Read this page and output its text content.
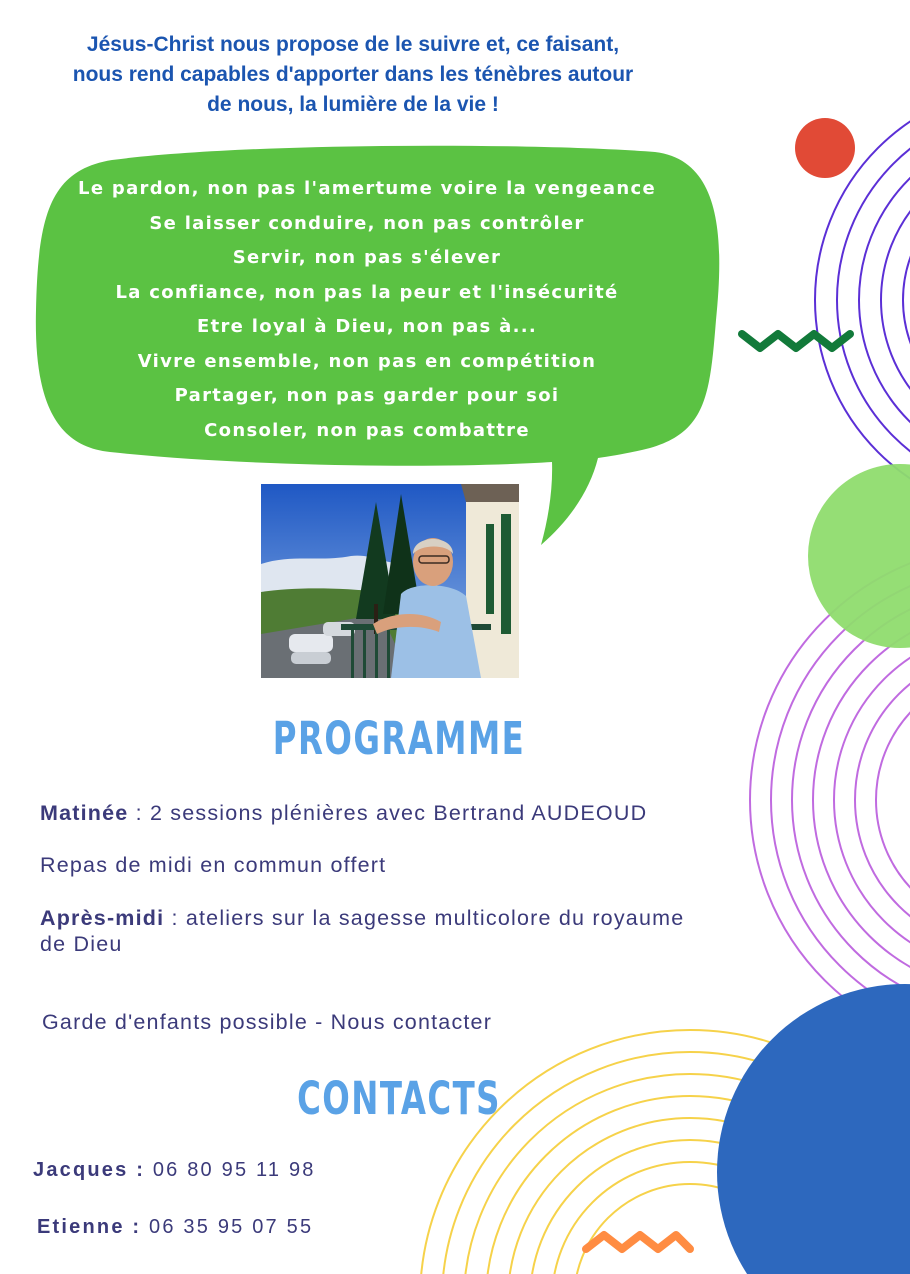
Jésus-Christ nous propose de le suivre et, ce faisant, nous rend capables d'apporter dans les ténèbres autour de nous, la lumière de la vie !
Le pardon, non pas l'amertume voire la vengeance
Se laisser conduire, non pas contrôler
Servir, non pas s'élever
La confiance, non pas la peur et l'insécurité
Etre loyal à Dieu, non pas à...
Vivre ensemble, non pas en compétition
Partager, non pas garder pour soi
Consoler, non pas combattre
PROGRAMME
Matinée : 2 sessions plénières avec Bertrand AUDEOUD
Repas de midi en commun offert
Après-midi : ateliers sur la sagesse multicolore du royaume de Dieu
Garde d'enfants possible - Nous contacter
CONTACTS
Jacques : 06 80 95 11 98
Etienne : 06 35 95 07 55
